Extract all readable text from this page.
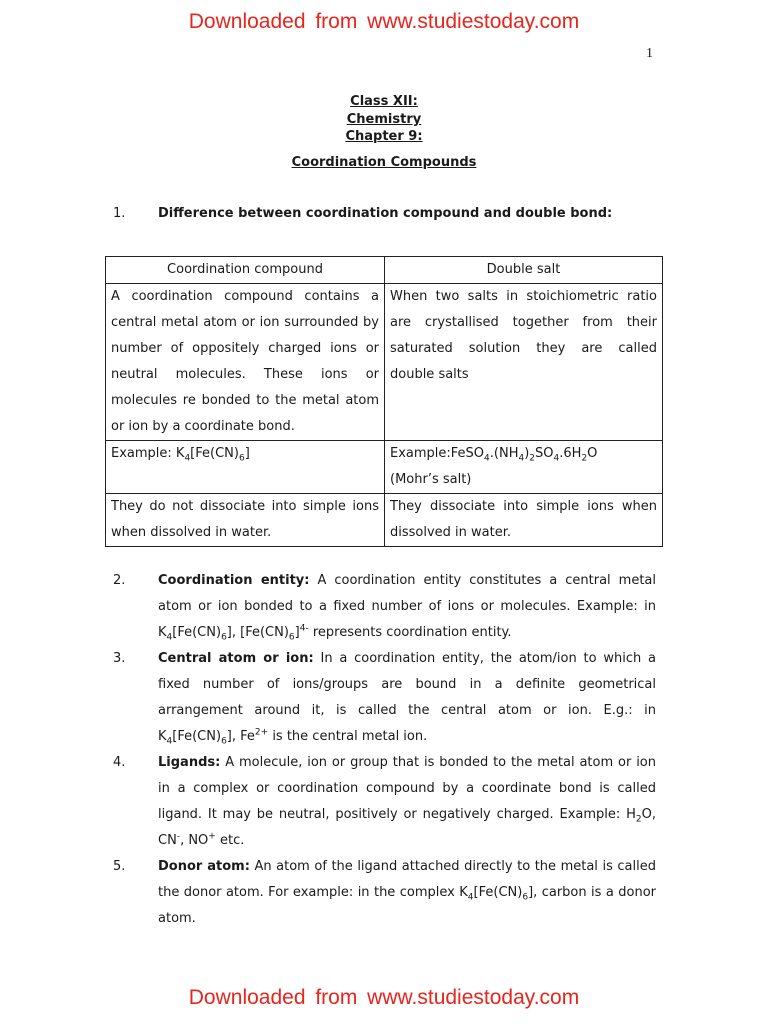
Downloaded from www.studiestoday.com
1
Class XII:
Chemistry
Chapter 9:
Coordination Compounds
1.	Difference between coordination compound and double bond:
Coordination compound	Double salt
A coordination compound contains a central metal atom or ion surrounded by number of oppositely charged ions or neutral molecules. These ions or molecules re bonded to the metal atom or ion by a coordinate bond.	When two salts in stoichiometric ratio are crystallised together from their saturated solution they are called double salts
Example: $K_4[Fe(CN)_6]$	$Example:FeSO_4.(NH_4)_2SO_4.6H_2O$
(Mohr’s salt)
They do not dissociate into simple ions when dissolved in water.	They dissociate into simple ions when dissolved in water.
2.	Coordination entity: A coordination entity constitutes a central metal atom or ion bonded to a fixed number of ions or molecules. Example: in $K_4[Fe(CN)_6]$, $[Fe(CN)_6]^{4-}$ represents coordination entity.
3.	Central atom or ion: In a coordination entity, the atom/ion to which a fixed number of ions/groups are bound in a definite geometrical arrangement around it, is called the central atom or ion. E.g.: in $K_4[Fe(CN)_6]$, $Fe^{2+}$ is the central metal ion.
4.	Ligands: A molecule, ion or group that is bonded to the metal atom or ion in a complex or coordination compound by a coordinate bond is called ligand. It may be neutral, positively or negatively charged. Example: $H_2O$, CN-, NO+ etc.
5.	Donor atom: An atom of the ligand attached directly to the metal is called the donor atom. For example: in the complex $K_4[Fe(CN)_6]$, carbon is a donor atom.
Downloaded from www.studiestoday.com
